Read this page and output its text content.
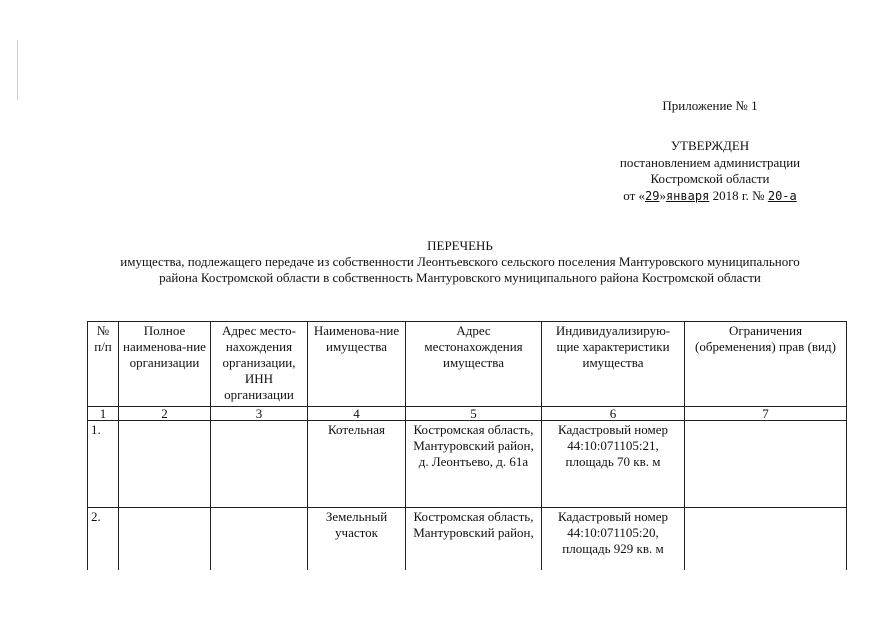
Приложение № 1
УТВЕРЖДЕН
постановлением администрации
Костромской области
от «29»января 2018 г. № 20-а
ПЕРЕЧЕНЬ
имущества, подлежащего передаче из собственности Леонтьевского сельского поселения Мантуровского муниципального района Костромской области в собственность Мантуровского муниципального района Костромской области
№ п/п	Полное наименова-ние организации	Адрес место-нахождения организации, ИНН организации	Наименова-ние имущества	Адрес местонахождения имущества	Индивидуализирую-щие характеристики имущества	Ограничения (обременения) прав (вид)
1	2	3	4	5	6	7
1.			Котельная	Костромская область, Мантуровский район, д. Леонтьево, д. 61а	Кадастровый номер 44:10:071105:21, площадь 70 кв. м	
2.			Земельный участок	Костромская область, Мантуровский район,	Кадастровый номер 44:10:071105:20, площадь 929 кв. м	
